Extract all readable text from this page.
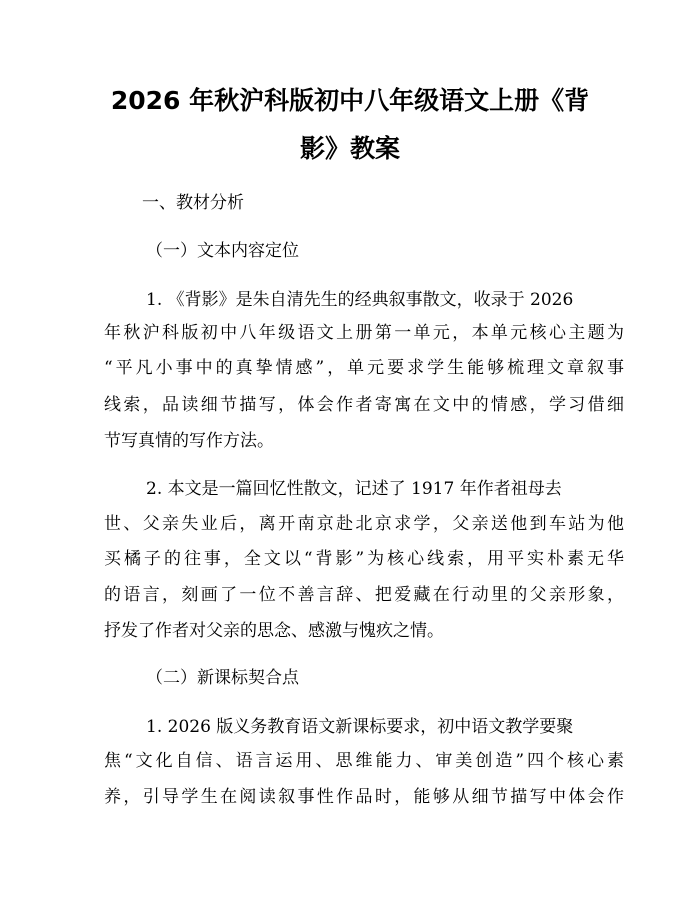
2026 年秋沪科版初中八年级语文上册《背
影》教案
一、教材分析
（一）文本内容定位
1. 《背影》是朱自清先生的经典叙事散文，收录于 2026
年秋沪科版初中八年级语文上册第一单元，本单元核心主题为
“平凡小事中的真挚情感”，单元要求学生能够梳理文章叙事
线索，品读细节描写，体会作者寄寓在文中的情感，学习借细
节写真情的写作方法。
2. 本文是一篇回忆性散文，记述了 1917 年作者祖母去
世、父亲失业后，离开南京赴北京求学，父亲送他到车站为他
买橘子的往事，全文以“背影”为核心线索，用平实朴素无华
的语言，刻画了一位不善言辞、把爱藏在行动里的父亲形象，
抒发了作者对父亲的思念、感激与愧疚之情。
（二）新课标契合点
1. 2026 版义务教育语文新课标要求，初中语文教学要聚
焦“文化自信、语言运用、思维能力、审美创造”四个核心素
养，引导学生在阅读叙事性作品时，能够从细节描写中体会作
